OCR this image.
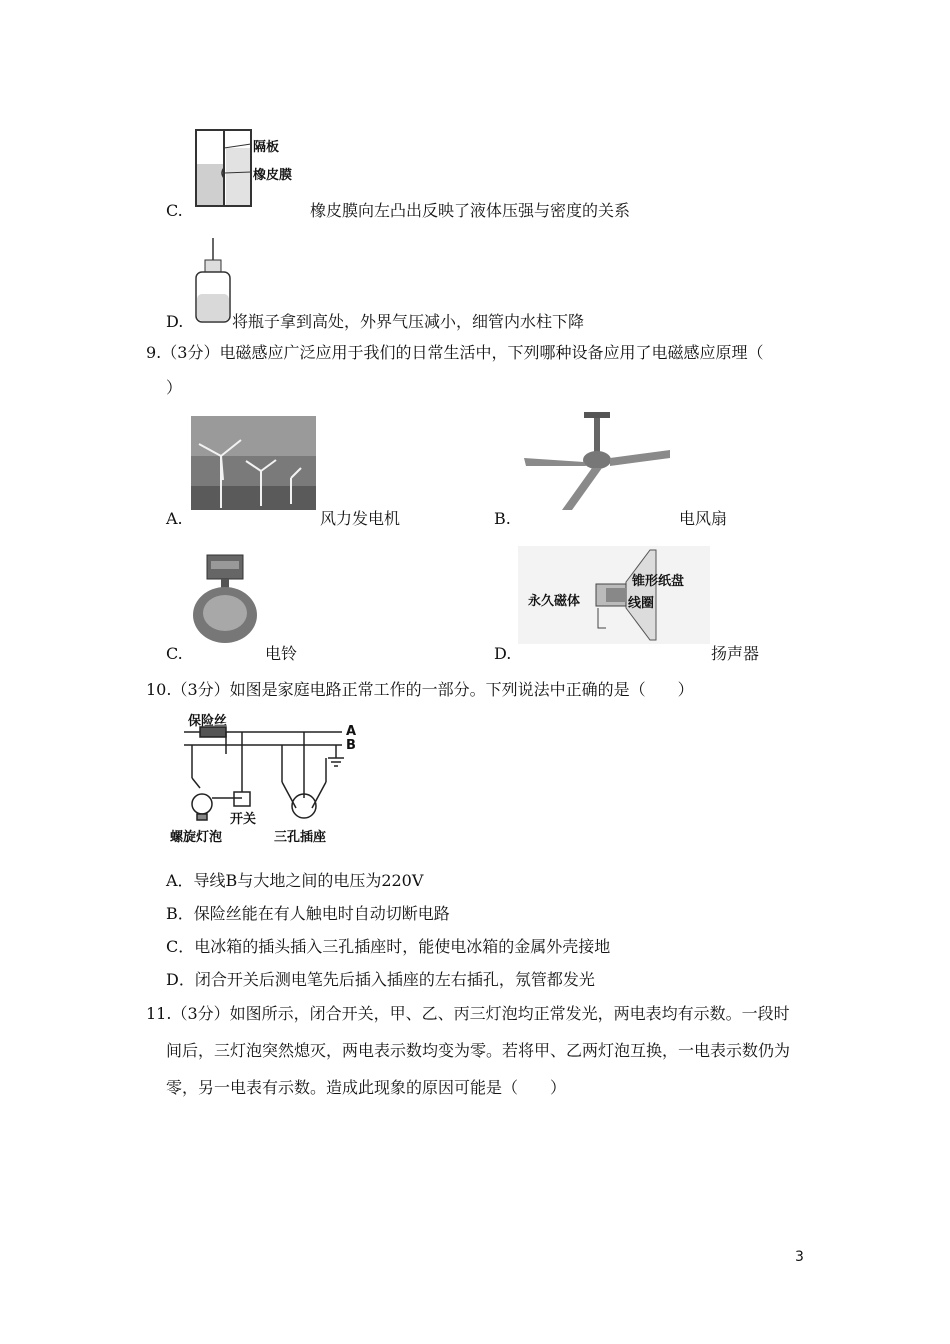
隔板
橡皮膜
C.	橡皮膜向左凸出反映了液体压强与密度的关系
D.	将瓶子拿到高处，外界气压减小，细管内水柱下降
9.（3分）电磁感应广泛应用于我们的日常生活中，下列哪种设备应用了电磁感应原理（
）
A.	风力发电机	B.	电风扇
C.	电铃
永久磁体
锥形纸盘
线圈
D.	扬声器
10.（3分）如图是家庭电路正常工作的一部分。下列说法中正确的是（　　）
保险丝
A
B
开关
螺旋灯泡	三孔插座
A．导线B与大地之间的电压为220V
B．保险丝能在有人触电时自动切断电路
C．电冰箱的插头插入三孔插座时，能使电冰箱的金属外壳接地
D．闭合开关后测电笔先后插入插座的左右插孔，氖管都发光
11.（3分）如图所示，闭合开关，甲、乙、丙三灯泡均正常发光，两电表均有示数。一段时
间后，三灯泡突然熄灭，两电表示数均变为零。若将甲、乙两灯泡互换，一电表示数仍为
零，另一电表有示数。造成此现象的原因可能是（　　）
3
